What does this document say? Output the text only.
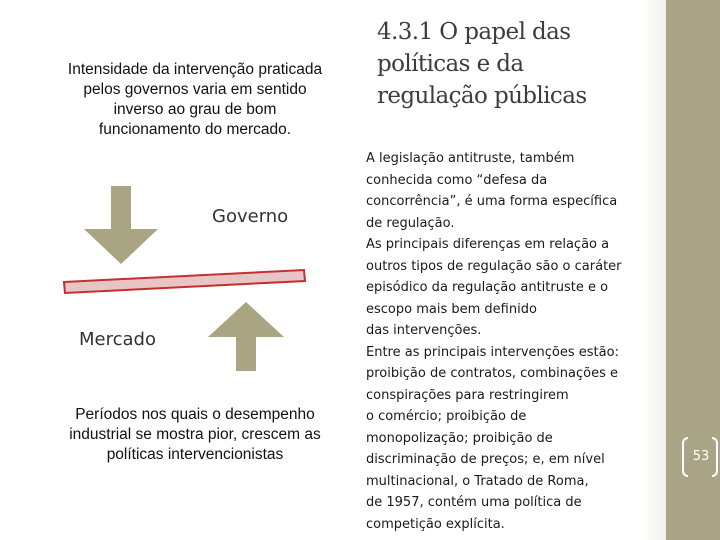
53
Intensidade da intervenção praticada
pelos governos varia em sentido
inverso ao grau de bom
funcionamento do mercado.
Governo
Mercado
Períodos nos quais o desempenho
industrial se mostra pior, crescem as
políticas intervencionistas
4.3.1 O papel das
políticas e da
regulação públicas
A legislação antitruste, também
conhecida como “defesa da
concorrência”, é uma forma específica
de regulação.
As principais diferenças em relação a
outros tipos de regulação são o caráter
episódico da regulação antitruste e o
escopo mais bem definido
das intervenções.
Entre as principais intervenções estão:
proibição de contratos, combinações e
conspirações para restringirem
o comércio; proibição de
monopolização; proibição de
discriminação de preços; e, em nível
multinacional, o Tratado de Roma,
de 1957, contém uma política de
competição explícita.
